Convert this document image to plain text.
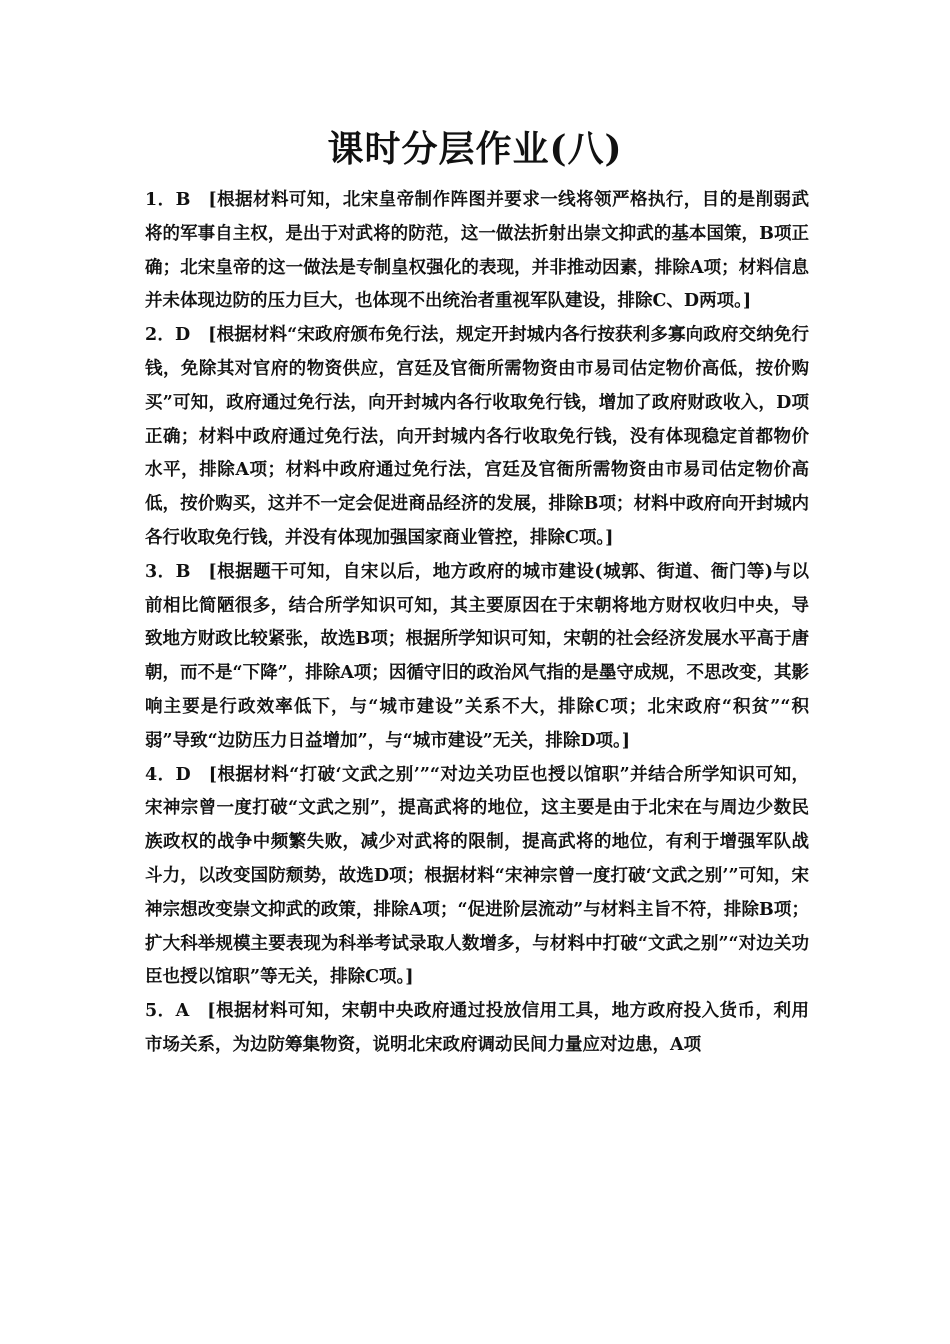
课时分层作业(八)

1．B [根据材料可知，北宋皇帝制作阵图并要求一线将领严格执行，目的是削弱武将的军事自主权，是出于对武将的防范，这一做法折射出崇文抑武的基本国策，B项正确；北宋皇帝的这一做法是专制皇权强化的表现，并非推动因素，排除A项；材料信息并未体现边防的压力巨大，也体现不出统治者重视军队建设，排除C、D两项。]

2．D [根据材料“宋政府颁布免行法，规定开封城内各行按获利多寡向政府交纳免行钱，免除其对官府的物资供应，宫廷及官衙所需物资由市易司估定物价高低，按价购买”可知，政府通过免行法，向开封城内各行收取免行钱，增加了政府财政收入，D项正确；材料中政府通过免行法，向开封城内各行收取免行钱，没有体现稳定首都物价水平，排除A项；材料中政府通过免行法，宫廷及官衙所需物资由市易司估定物价高低，按价购买，这并不一定会促进商品经济的发展，排除B项；材料中政府向开封城内各行收取免行钱，并没有体现加强国家商业管控，排除C项。]

3．B [根据题干可知，自宋以后，地方政府的城市建设(城郭、街道、衙门等)与以前相比简陋很多，结合所学知识可知，其主要原因在于宋朝将地方财权收归中央，导致地方财政比较紧张，故选B项；根据所学知识可知，宋朝的社会经济发展水平高于唐朝，而不是“下降”，排除A项；因循守旧的政治风气指的是墨守成规，不思改变，其影响主要是行政效率低下，与“城市建设”关系不大，排除C项；北宋政府“积贫”“积弱”导致“边防压力日益增加”，与“城市建设”无关，排除D项。]

4．D [根据材料“打破‘文武之别’”“对边关功臣也授以馆职”并结合所学知识可知，宋神宗曾一度打破“文武之别”，提高武将的地位，这主要是由于北宋在与周边少数民族政权的战争中频繁失败，减少对武将的限制，提高武将的地位，有利于增强军队战斗力，以改变国防颓势，故选D项；根据材料“宋神宗曾一度打破‘文武之别’”可知，宋神宗想改变崇文抑武的政策，排除A项；“促进阶层流动”与材料主旨不符，排除B项；扩大科举规模主要表现为科举考试录取人数增多，与材料中打破“文武之别”“对边关功臣也授以馆职”等无关，排除C项。]

5．A [根据材料可知，宋朝中央政府通过投放信用工具，地方政府投入货币，利用市场关系，为边防筹集物资，说明北宋政府调动民间力量应对边患，A项
